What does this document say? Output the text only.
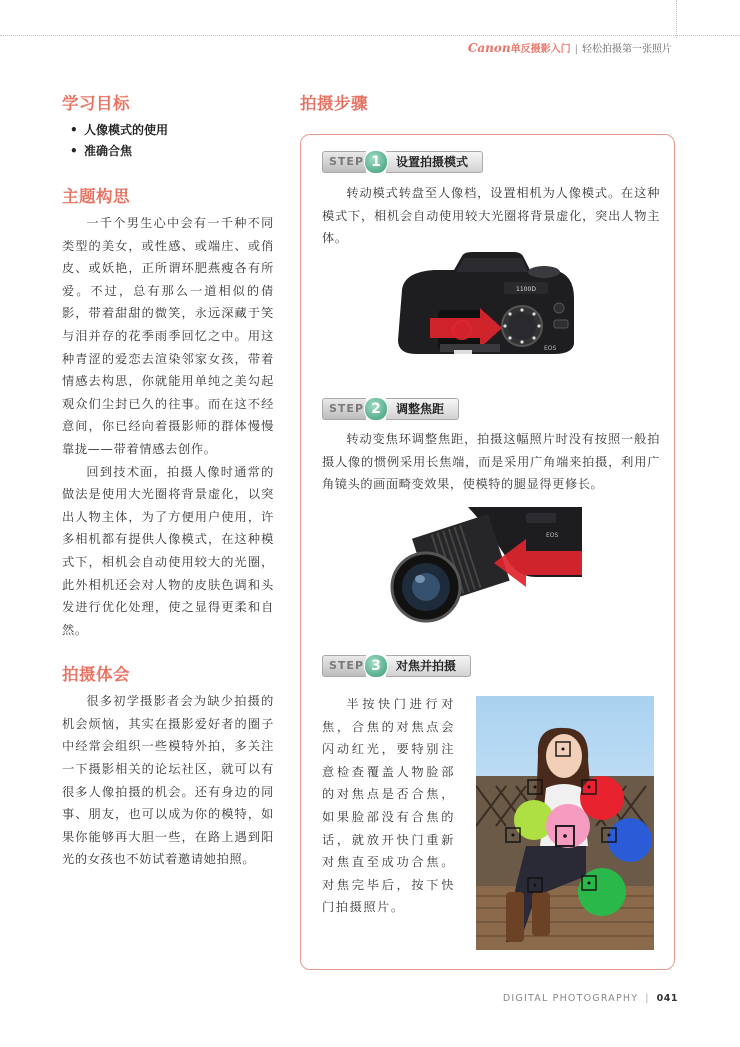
Canon单反摄影入门 | 轻松拍摄第一张照片
学习目标
• 人像模式的使用
• 准确合焦
主题构思

一千个男生心中会有一千种不同类型的美女，或性感、或端庄、或俏皮、或妖艳，正所谓环肥燕瘦各有所爱。不过，总有那么一道相似的倩影，带着甜甜的微笑，永远深藏于笑与泪并存的花季雨季回忆之中。用这种青涩的爱恋去渲染邻家女孩，带着情感去构思，你就能用单纯之美勾起观众们尘封已久的往事。而在这不经意间，你已经向着摄影师的群体慢慢靠拢——带着情感去创作。

回到技术面，拍摄人像时通常的做法是使用大光圈将背景虚化，以突出人物主体，为了方便用户使用，许多相机都有提供人像模式，在这种模式下，相机会自动使用较大的光圈，此外相机还会对人物的皮肤色调和头发进行优化处理，使之显得更柔和自然。

拍摄体会

很多初学摄影者会为缺少拍摄的机会烦恼，其实在摄影爱好者的圈子中经常会组织一些模特外拍，多关注一下摄影相关的论坛社区，就可以有很多人像拍摄的机会。还有身边的同事、朋友，也可以成为你的模特，如果你能够再大胆一些，在路上遇到阳光的女孩也不妨试着邀请她拍照。

拍摄步骤
STEP 1	设置拍摄模式

转动模式转盘至人像档，设置相机为人像模式。在这种模式下，相机会自动使用较大光圈将背景虚化，突出人物主体。

1100D
EOS
STEP 2	调整焦距

转动变焦环调整焦距，拍摄这幅照片时没有按照一般拍摄人像的惯例采用长焦端，而是采用广角端来拍摄，利用广角镜头的画面畸变效果，使模特的腿显得更修长。

EOS
STEP 3	对焦并拍摄

半按快门进行对焦，合焦的对焦点会闪动红光，要特别注意检查覆盖人物脸部的对焦点是否合焦，如果脸部没有合焦的话，就放开快门重新对焦直至成功合焦。对焦完毕后，按下快门拍摄照片。

DIGITAL PHOTOGRAPHY | 041
